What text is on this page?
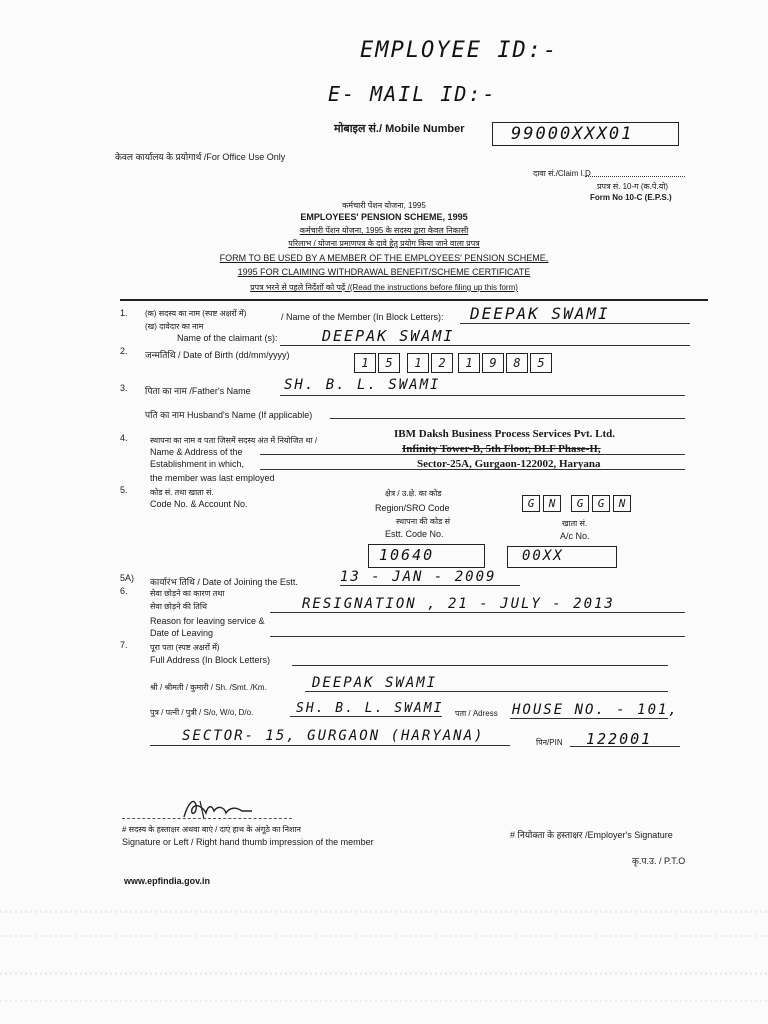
EMPLOYEE ID:-
E- MAIL ID:-
मोबाइल सं./ Mobile Number	99000XXX01
केवल कार्यालय के प्रयोगार्थ /For Office Use Only
दावा सं./Claim I.D
प्रपत्र सं. 10-ग (क.पे.यो)
Form No 10-C (E.P.S.)
कर्मचारी पेंशन योजना, 1995
EMPLOYEES' PENSION SCHEME, 1995
कर्मचारी पेंशन योजना, 1995 के सदस्य द्वारा केवल निकासी
परिलाभ / योजना प्रमाणपत्र के दावे हेतु प्रयोग किया जाने वाला प्रपत्र
FORM TO BE USED BY A MEMBER OF THE EMPLOYEES' PENSION SCHEME,
1995 FOR CLAIMING WITHDRAWAL BENEFIT/SCHEME CERTIFICATE
प्रपत्र भरने से पहले निर्देशों को पढ़ें /(Read the instructions before filing up this form)
1. (क) सदस्य का नाम (स्पष्ट अक्षरों में)	/ Name of the Member (In Block Letters): DEEPAK SWAMI
(ख) दावेदार का नाम
Name of the claimant (s):	DEEPAK SWAMI
2. जन्मतिथि / Date of Birth (dd/mm/yyyy)
1	5	1	2	1	9	8	5
3. पिता का नाम /Father's Name SH. B. L. SWAMI
पति का नाम Husband's Name (If applicable)
4.	स्थापना का नाम व पता जिसमें सदस्य अंत में नियोजित था /
Name & Address of the
Establishment in which,
the member was last employed
IBM Daksh Business Process Services Pvt. Ltd.
Infinity Tower-B, 5th Floor, DLF Phase-II,
Sector-25A, Gurgaon-122002, Haryana
5.	कोड सं. तथा खाता सं.
Code No. & Account No.
क्षेत्र / उ.क्षे. का कोड
Region/SRO Code	G	N	G	G	N
स्थापना की कोड सं
Estt. Code No.
खाता सं.
A/c No.
10640	00XX
5A) कार्यारंभ तिथि / Date of Joining the Estt.	13 - JAN - 2009
6.	सेवा छोड़ने का कारण तथा
सेवा छोड़ने की तिथि	RESIGNATION , 21 - JULY - 2013
Reason for leaving service &
Date of Leaving
7.	पूरा पता (स्पष्ट अक्षरों में)
Full Address (In Block Letters)
श्री / श्रीमती / कुमारी / Sh. /Smt. /Km.	DEEPAK SWAMI
पुत्र / पत्नी / पुत्री / S/o, W/o, D/o.	SH. B. L. SWAMI पता / Adress HOUSE NO. - 101,
SECTOR- 15, GURGAON (HARYANA)	पिन/PIN 122001
# सदस्य के हस्ताक्षर अथवा बाएं / दाएं हाथ के अंगूठे का निशान
Signature or Left / Right hand thumb impression of the member
# नियोक्ता के हस्ताक्षर /Employer's Signature
कृ.प.उ. / P.T.O
www.epfindia.gov.in
